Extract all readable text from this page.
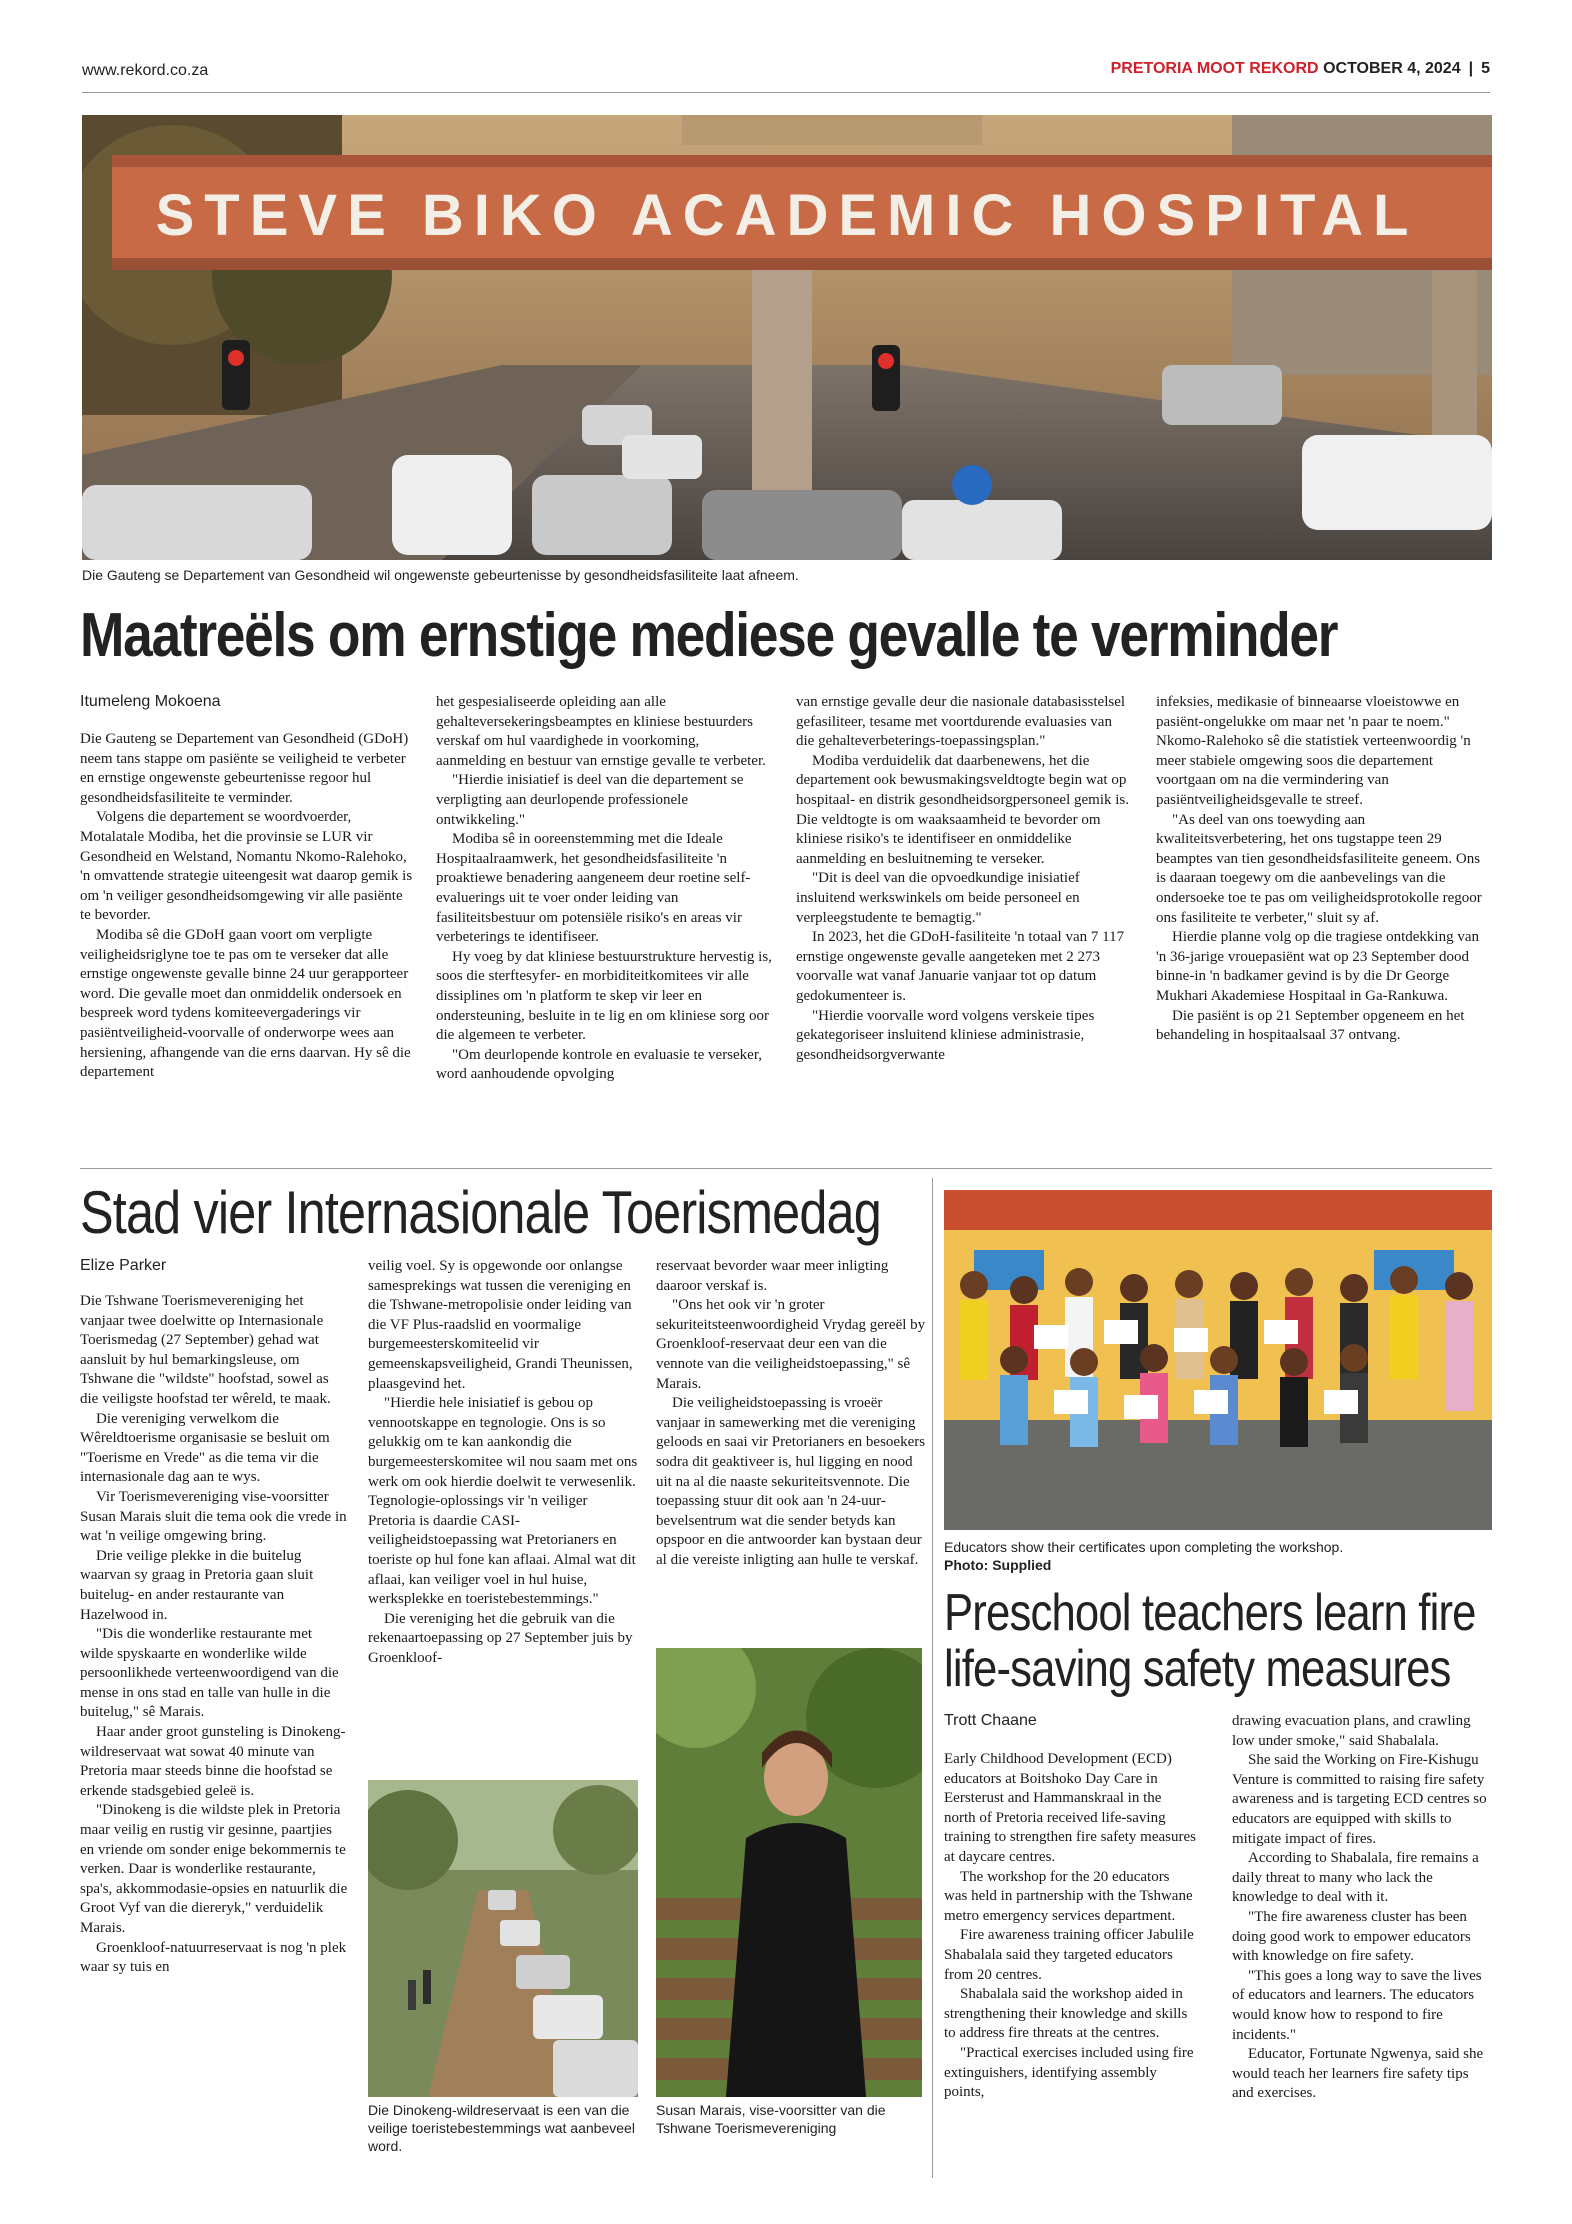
www.rekord.co.za	PRETORIA MOOT REKORD OCTOBER 4, 2024 | 5
STEVE BIKO ACADEMIC HOSPITAL
Die Gauteng se Departement van Gesondheid wil ongewenste gebeurtenisse by gesondheidsfasiliteite laat afneem.
Maatreëls om ernstige mediese gevalle te verminder
Itumeleng Mokoena

Die Gauteng se Departement van Gesondheid (GDoH) neem tans stappe om pasiënte se veiligheid te verbeter en ernstige ongewenste gebeurtenisse regoor hul gesondheidsfasiliteite te verminder.

Volgens die departement se woordvoerder, Motalatale Modiba, het die provinsie se LUR vir Gesondheid en Welstand, Nomantu Nkomo-Ralehoko, 'n omvattende strategie uiteengesit wat daarop gemik is om 'n veiliger gesondheidsomgewing vir alle pasiënte te bevorder.

Modiba sê die GDoH gaan voort om verpligte veiligheidsriglyne toe te pas om te verseker dat alle ernstige ongewenste gevalle binne 24 uur gerapporteer word. Die gevalle moet dan onmiddelik ondersoek en bespreek word tydens komiteevergaderings vir pasiëntveiligheid-voorvalle of onderworpe wees aan hersiening, afhangende van die erns daarvan. Hy sê die departement

het gespesialiseerde opleiding aan alle gehalteversekeringsbeamptes en kliniese bestuurders verskaf om hul vaardighede in voorkoming, aanmelding en bestuur van ernstige gevalle te verbeter.

"Hierdie inisiatief is deel van die departement se verpligting aan deurlopende professionele ontwikkeling."

Modiba sê in ooreenstemming met die Ideale Hospitaalraamwerk, het gesondheidsfasiliteite 'n proaktiewe benadering aangeneem deur roetine self-evaluerings uit te voer onder leiding van fasiliteitsbestuur om potensiële risiko's en areas vir verbeterings te identifiseer.

Hy voeg by dat kliniese bestuurstrukture hervestig is, soos die sterftesyfer- en morbiditeitkomitees vir alle dissiplines om 'n platform te skep vir leer en ondersteuning, besluite in te lig en om kliniese sorg oor die algemeen te verbeter.

"Om deurlopende kontrole en evaluasie te verseker, word aanhoudende opvolging

van ernstige gevalle deur die nasionale databasisstelsel gefasiliteer, tesame met voortdurende evaluasies van die gehalteverbeterings-toepassingsplan."

Modiba verduidelik dat daarbenewens, het die departement ook bewusmakingsveldtogte begin wat op hospitaal- en distrik gesondheidsorgpersoneel gemik is. Die veldtogte is om waaksaamheid te bevorder om kliniese risiko's te identifiseer en onmiddelike aanmelding en besluitneming te verseker.

"Dit is deel van die opvoedkundige inisiatief insluitend werkswinkels om beide personeel en verpleegstudente te bemagtig."

In 2023, het die GDoH-fasiliteite 'n totaal van 7 117 ernstige ongewenste gevalle aangeteken met 2 273 voorvalle wat vanaf Januarie vanjaar tot op datum gedokumenteer is.

"Hierdie voorvalle word volgens verskeie tipes gekategoriseer insluitend kliniese administrasie, gesondheidsorgverwante

infeksies, medikasie of binneaarse vloeistowwe en pasiënt-ongelukke om maar net 'n paar te noem." Nkomo-Ralehoko sê die statistiek verteenwoordig 'n meer stabiele omgewing soos die departement voortgaan om na die vermindering van pasiëntveiligheidsgevalle te streef.

"As deel van ons toewyding aan kwaliteitsverbetering, het ons tugstappe teen 29 beamptes van tien gesondheidsfasiliteite geneem. Ons is daaraan toegewy om die aanbevelings van die ondersoeke toe te pas om veiligheidsprotokolle regoor ons fasiliteite te verbeter," sluit sy af.

Hierdie planne volg op die tragiese ontdekking van 'n 36-jarige vrouepasiënt wat op 23 September dood binne-in 'n badkamer gevind is by die Dr George Mukhari Akademiese Hospitaal in Ga-Rankuwa.

Die pasiënt is op 21 September opgeneem en het behandeling in hospitaalsaal 37 ontvang.

Stad vier Internasionale Toerismedag
Elize Parker

Die Tshwane Toerismevereniging het vanjaar twee doelwitte op Internasionale Toerismedag (27 September) gehad wat aansluit by hul bemarkingsleuse, om Tshwane die "wildste" hoofstad, sowel as die veiligste hoofstad ter wêreld, te maak.

Die vereniging verwelkom die Wêreldtoerisme organisasie se besluit om "Toerisme en Vrede" as die tema vir die internasionale dag aan te wys.

Vir Toerismevereniging vise-voorsitter Susan Marais sluit die tema ook die vrede in wat 'n veilige omgewing bring.

Drie veilige plekke in die buitelug waarvan sy graag in Pretoria gaan sluit buitelug- en ander restaurante van Hazelwood in.

"Dis die wonderlike restaurante met wilde spyskaarte en wonderlike wilde persoonlikhede verteenwoordigend van die mense in ons stad en talle van hulle in die buitelug," sê Marais.

Haar ander groot gunsteling is Dinokeng-wildreservaat wat sowat 40 minute van Pretoria maar steeds binne die hoofstad se erkende stadsgebied geleë is.

"Dinokeng is die wildste plek in Pretoria maar veilig en rustig vir gesinne, paartjies en vriende om sonder enige bekommernis te verken. Daar is wonderlike restaurante, spa's, akkommodasie-opsies en natuurlik die Groot Vyf van die diereryk," verduidelik Marais.

Groenkloof-natuurreservaat is nog 'n plek waar sy tuis en

veilig voel. Sy is opgewonde oor onlangse samesprekings wat tussen die vereniging en die Tshwane-metropolisie onder leiding van die VF Plus-raadslid en voormalige burgemeesterskomiteelid vir gemeenskapsveiligheid, Grandi Theunissen, plaasgevind het.

"Hierdie hele inisiatief is gebou op vennootskappe en tegnologie. Ons is so gelukkig om te kan aankondig die burgemeesterskomitee wil nou saam met ons werk om ook hierdie doelwit te verwesenlik. Tegnologie-oplossings vir 'n veiliger Pretoria is daardie CASI-veiligheidstoepassing wat Pretorianers en toeriste op hul fone kan aflaai. Almal wat dit aflaai, kan veiliger voel in hul huise, werksplekke en toeristebestemmings."

Die vereniging het die gebruik van die rekenaartoepassing op 27 September juis by Groenkloof-

reservaat bevorder waar meer inligting daaroor verskaf is.

"Ons het ook vir 'n groter sekuriteitsteenwoordigheid Vrydag gereël by Groenkloof-reservaat deur een van die vennote van die veiligheidstoepassing," sê Marais.

Die veiligheidstoepassing is vroeër vanjaar in samewerking met die vereniging geloods en saai vir Pretorianers en besoekers sodra dit geaktiveer is, hul ligging en nood uit na al die naaste sekuriteitsvennote. Die toepassing stuur dit ook aan 'n 24-uur-bevelsentrum wat die sender betyds kan opspoor en die antwoorder kan bystaan deur al die vereiste inligting aan hulle te verskaf.

Die Dinokeng-wildreservaat is een van die veilige toeristebestemmings wat aanbeveel word.
Susan Marais, vise-voorsitter van die Tshwane Toerismevereniging
Educators show their certificates upon completing the workshop.
Photo: Supplied
Preschool teachers learn fire life-saving safety measures
Trott Chaane

Early Childhood Development (ECD) educators at Boitshoko Day Care in Eersterust and Hammanskraal in the north of Pretoria received life-saving training to strengthen fire safety measures at daycare centres.

The workshop for the 20 educators was held in partnership with the Tshwane metro emergency services department.

Fire awareness training officer Jabulile Shabalala said they targeted educators from 20 centres.

Shabalala said the workshop aided in strengthening their knowledge and skills to address fire threats at the centres.

"Practical exercises included using fire extinguishers, identifying assembly points,

drawing evacuation plans, and crawling low under smoke," said Shabalala.

She said the Working on Fire-Kishugu Venture is committed to raising fire safety awareness and is targeting ECD centres so educators are equipped with skills to mitigate impact of fires.

According to Shabalala, fire remains a daily threat to many who lack the knowledge to deal with it.

"The fire awareness cluster has been doing good work to empower educators with knowledge on fire safety.

"This goes a long way to save the lives of educators and learners. The educators would know how to respond to fire incidents."

Educator, Fortunate Ngwenya, said she would teach her learners fire safety tips and exercises.
